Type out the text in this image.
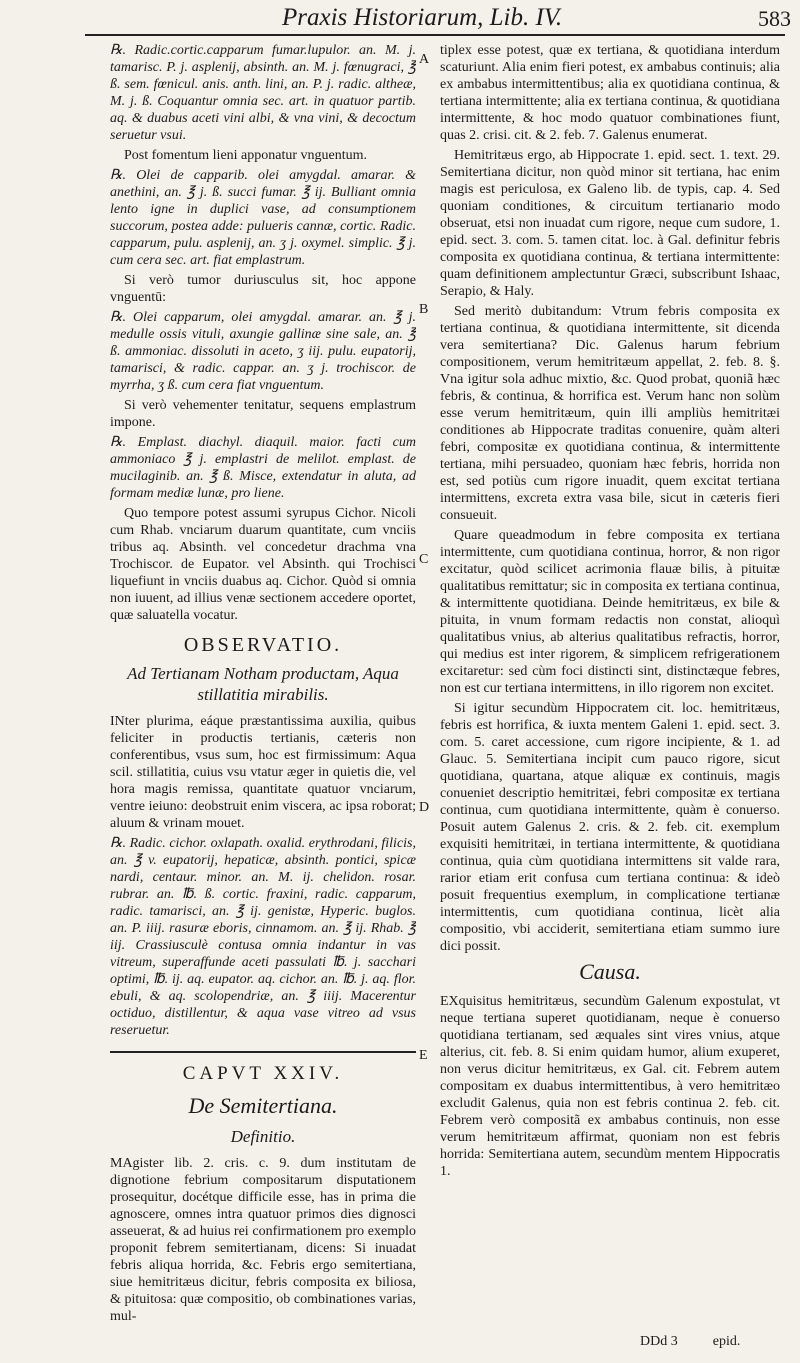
Praxis Historiarum, Lib. IV.	583

℞. Radic.cortic.capparum fumar.lupulor. an. M. j. tamarisc. P. j. asplenij, absinth. an. M. j. fœnugraci, ℥ ß. sem. fœnicul. anis. anth. lini, an. P. j. radic. altheæ, M. j. ß. Coquantur omnia sec. art. in quatuor partib. aq. & duabus aceti vini albi, & vna vini, & decoctum seruetur vsui.

Post fomentum lieni apponatur vnguentum.

℞. Olei de capparib. olei amygdal. amarar. & anethini, an. ℥ j. ß. succi fumar. ℥ ij. Bulliant omnia lento igne in duplici vase, ad consumptionem succorum, postea adde: pulueris cannæ, cortic. Radic. capparum, pulu. asplenij, an. ʒ j. oxymel. simplic. ℥ j. cum cera sec. art. fiat emplastrum.

Si verò tumor duriusculus sit, hoc appone vnguentū:

℞. Olei capparum, olei amygdal. amarar. an. ℥ j. medulle ossis vituli, axungie gallinæ sine sale, an. ℥ ß. ammoniac. dissoluti in aceto, ʒ iij. pulu. eupatorij, tamarisci, & radic. cappar. an. ʒ j. trochiscor. de myrrha, ʒ ß. cum cera fiat vnguentum.

Si verò vehementer tenitatur, sequens emplastrum impone.

℞. Emplast. diachyl. diaquil. maior. facti cum ammoniaco ℥ j. emplastri de melilot. emplast. de mucilaginib. an. ℥ ß. Misce, extendatur in aluta, ad formam mediæ lunæ, pro liene.

Quo tempore potest assumi syrupus Cichor. Nicoli cum Rhab. vnciarum duarum quantitate, cum vnciis tribus aq. Absinth. vel concedetur drachma vna Trochiscor. de Eupator. vel Absinth. qui Trochisci liquefiunt in vnciis duabus aq. Cichor. Quòd si omnia non iuuent, ad illius venæ sectionem accedere oportet, quæ saluatella vocatur.

OBSERVATIO.
Ad Tertianam Notham productam, Aqua stillatitia mirabilis.

INter plurima, eáque præstantissima auxilia, quibus feliciter in productis tertianis, cæteris non conferentibus, vsus sum, hoc est firmissimum: Aqua scil. stillatitia, cuius vsu vtatur æger in quietis die, vel hora magis remissa, quantitate quatuor vnciarum, ventre ieiuno: deobstruit enim viscera, ac ipsa roborat; aluum & vrinam mouet.

℞. Radic. cichor. oxlapath. oxalid. erythrodani, filicis, an. ℥ v. eupatorij, hepaticæ, absinth. pontici, spicæ nardi, centaur. minor. an. M. ij. chelidon. rosar. rubrar. an. ℔. ß. cortic. fraxini, radic. capparum, radic. tamarisci, an. ℥ ij. genistæ, Hyperic. buglos. an. P. iiij. rasuræ eboris, cinnamom. an. ℥ ij. Rhab. ℥ iij. Crassiusculè contusa omnia indantur in vas vitreum, superaffunde aceti passulati ℔. j. sacchari optimi, ℔. ij. aq. eupator. aq. cichor. an. ℔. j. aq. flor. ebuli, & aq. scolopendriæ, an. ℥ iiij. Macerentur octiduo, distillentur, & aqua vase vitreo ad vsus reseruetur.

CAPVT XXIV.
De Semitertiana.
Definitio.

MAgister lib. 2. cris. c. 9. dum institutam de dignotione febrium compositarum disputationem prosequitur, docétque difficile esse, has in prima die agnoscere, omnes intra quatuor primos dies dignosci asseuerat, & ad huius rei confirmationem pro exemplo proponit febrem semitertianam, dicens: Si inuadat febris aliqua horrida, &c. Febris ergo semitertiana, siue hemitritæus dicitur, febris composita ex biliosa, & pituitosa: quæ compositio, ob combinationes varias, mul-

A
B
C
D
E

tiplex esse potest, quæ ex tertiana, & quotidiana interdum scaturiunt. Alia enim fieri potest, ex ambabus continuis; alia ex ambabus intermittentibus; alia ex quotidiana continua, & tertiana intermittente; alia ex tertiana continua, & quotidiana intermittente, & hoc modo quatuor combinationes fiunt, quas 2. crisi. cit. & 2. feb. 7. Galenus enumerat.

Hemitritæus ergo, ab Hippocrate 1. epid. sect. 1. text. 29. Semitertiana dicitur, non quòd minor sit tertiana, hac enim magis est periculosa, ex Galeno lib. de typis, cap. 4. Sed quoniam conditiones, & circuitum tertianario modo obseruat, etsi non inuadat cum rigore, neque cum sudore, 1. epid. sect. 3. com. 5. tamen citat. loc. à Gal. definitur febris composita ex quotidiana continua, & tertiana intermittente: quam definitionem amplectuntur Græci, subscribunt Ishaac, Serapio, & Haly.

Sed meritò dubitandum: Vtrum febris composita ex tertiana continua, & quotidiana intermittente, sit dicenda vera semitertiana? Dic. Galenus harum febrium compositionem, verum hemitritæum appellat, 2. feb. 8. §. Vna igitur sola adhuc mixtio, &c. Quod probat, quoniã hæc febris, & continua, & horrifica est. Verum hanc non solùm esse verum hemitritæum, quin illi ampliùs hemitritæi conditiones ab Hippocrate traditas conuenire, quàm alteri febri, compositæ ex quotidiana continua, & intermittente tertiana, mihi persuadeo, quoniam hæc febris, horrida non est, sed potiùs cum rigore inuadit, quem excitat tertiana intermittens, excreta extra vasa bile, sicut in cæteris fieri consueuit.

Quare queadmodum in febre composita ex tertiana intermittente, cum quotidiana continua, horror, & non rigor excitatur, quòd scilicet acrimonia flauæ bilis, à pituitæ qualitatibus remittatur; sic in composita ex tertiana continua, & intermittente quotidiana. Deinde hemitritæus, ex bile & pituita, in vnum formam redactis non constat, alioquì qualitatibus vnius, ab alterius qualitatibus refractis, horror, qui medius est inter rigorem, & simplicem refrigerationem excitaretur: sed cùm foci distincti sint, distinctæque febres, non est cur tertiana intermittens, in illo rigorem non excitet.

Si igitur secundùm Hippocratem cit. loc. hemitritæus, febris est horrifica, & iuxta mentem Galeni 1. epid. sect. 3. com. 5. caret accessione, cum rigore incipiente, & 1. ad Glauc. 5. Semitertiana incipit cum pauco rigore, sicut quotidiana, quartana, atque aliquæ ex continuis, magis conueniet descriptio hemitritæi, febri compositæ ex tertiana continua, cum quotidiana intermittente, quàm è conuerso. Posuit autem Galenus 2. cris. & 2. feb. cit. exemplum exquisiti hemitritæi, in tertiana intermittente, & quotidiana continua, quia cùm quotidiana intermittens sit valde rara, rarior etiam erit confusa cum tertiana continua: & ideò posuit frequentius exemplum, in complicatione tertianæ intermittentis, cum quotidiana continua, licèt alia compositio, vbi acciderit, semitertiana etiam summo iure dici possit.

Causa.

EXquisitus hemitritæus, secundùm Galenum expostulat, vt neque tertiana superet quotidianam, neque è conuerso quotidiana tertianam, sed æquales sint vires vnius, atque alterius, cit. feb. 8. Si enim quidam humor, alium exuperet, non verus dicitur hemitritæus, ex Gal. cit. Febrem autem compositam ex duabus intermittentibus, à vero hemitritæo excludit Galenus, quia non est febris continua 2. feb. cit. Febrem verò compositã ex ambabus continuis, non esse verum hemitritæum affirmat, quoniam non est febris horrida: Semitertiana autem, secundùm mentem Hippocratis 1.

DDd 3	epid.
